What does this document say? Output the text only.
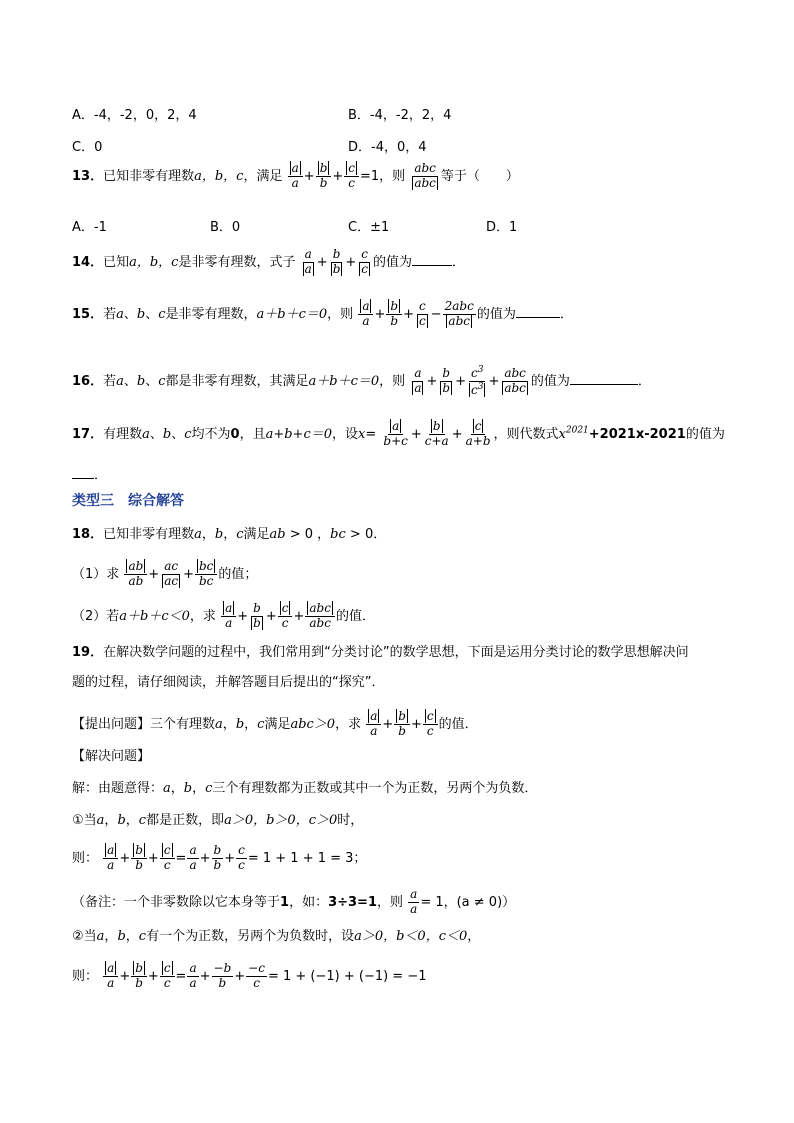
A．-4，-2，0，2，4	B．-4，-2，2，4
C．0	D．-4，0，4
13．已知非零有理数a，b，c，满足 $\frac{a}{a} + \frac{b}{b} + \frac{c}{c} =1$，则 $\frac{\text{abc}}{\text{abc}}$ 等于（　　）
A．-1	B．0	C．±1	D．1
14．已知a，b，c是非零有理数，式子 $\frac{a}{a} + \frac{b}{b} + \frac{c}{c}$ 的值为	．
15．若a、b、c是非零有理数，a＋b＋c＝0，则 $\frac{a}{a} + \frac{b}{b} + \frac{c}{c} - \frac{\text{2abc}}{\text{abc}}$ 的值为	．
16．若a、b、c都是非零有理数，其满足a＋b＋c＝0，则 $\frac{a}{a} + \frac{b}{b} + \frac{c^3}{c^3} + \frac{\text{abc}}{\text{abc}}$ 的值为	．
17．有理数a、b、c均不为0，且a+b+c＝0，设$x= \frac{a}{b+c} + \frac{b}{c+a} + \frac{c}{a+b}$ ，则代数式$x^{2021}+2021x-2021$的值为
．
类型三　综合解答
18．已知非零有理数a，b，c满足ab > 0 ，bc > 0．
（1）求 $\frac{ab}{ab} + \frac{ac}{ac} + \frac{bc}{bc}$ 的值；
（2）若a＋b＋c＜0，求 $\frac{a}{a} + \frac{b}{b} + \frac{c}{c} + \frac{\text{abc}}{\text{abc}}$ 的值．
19．在解决数学问题的过程中，我们常用到“分类讨论”的数学思想，下面是运用分类讨论的数学思想解决问
题的过程，请仔细阅读，并解答题目后提出的“探究”．
【提出问题】三个有理数a，b，c满足abc＞0，求 $\frac{a}{a} + \frac{b}{b} + \frac{c}{c}$ 的值．
【解决问题】
解：由题意得：a，b，c三个有理数都为正数或其中一个为正数，另两个为负数．
①当a，b，c都是正数，即a＞0，b＞0，c＞0时，
则： $\frac{a}{a} + \frac{b}{b} + \frac{c}{c} = \frac{a}{a} + \frac{b}{b} + \frac{c}{c} = 1 + 1 + 1 = 3$；
（备注：一个非零数除以它本身等于1，如：3÷3=1，则 $\frac{a}{a} = 1$，(a ≠ 0)）
②当a，b，c有一个为正数，另两个为负数时，设a＞0，b＜0，c＜0，
则： $\frac{a}{a} + \frac{b}{b} + \frac{c}{c} = \frac{a}{a} + \frac{-b}{b} + \frac{-c}{c} = 1 + (-1) + (-1) = -1$
